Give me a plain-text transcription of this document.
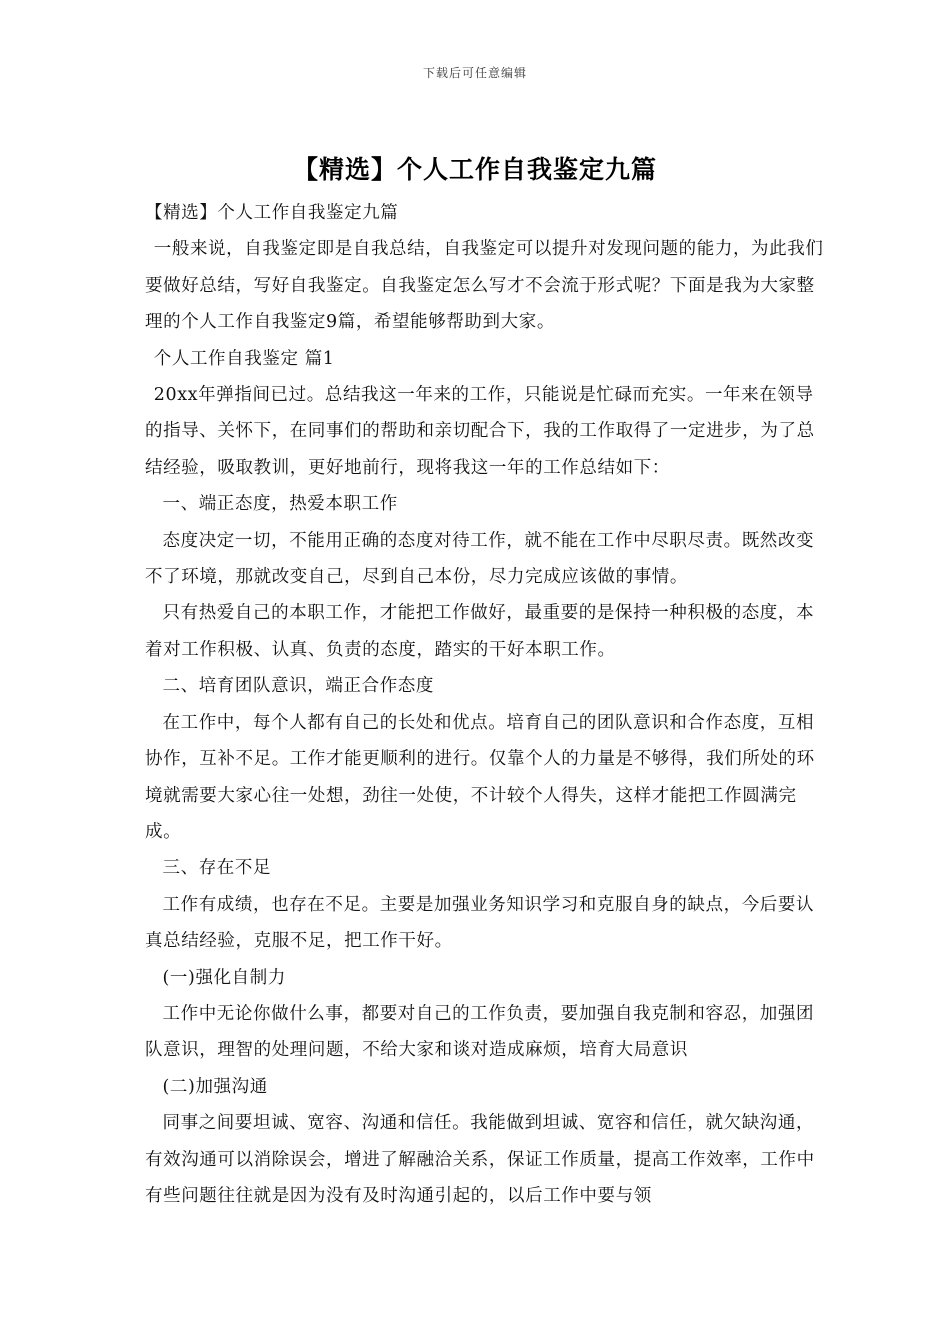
下载后可任意编辑
【精选】个人工作自我鉴定九篇

【精选】个人工作自我鉴定九篇

一般来说，自我鉴定即是自我总结，自我鉴定可以提升对发现问题的能力，为此我们要做好总结，写好自我鉴定。自我鉴定怎么写才不会流于形式呢？下面是我为大家整理的个人工作自我鉴定9篇，希望能够帮助到大家。

个人工作自我鉴定 篇1

20xx年弹指间已过。总结我这一年来的工作，只能说是忙碌而充实。一年来在领导的指导、关怀下，在同事们的帮助和亲切配合下，我的工作取得了一定进步，为了总结经验，吸取教训，更好地前行，现将我这一年的工作总结如下：

一、端正态度，热爱本职工作

态度决定一切，不能用正确的态度对待工作，就不能在工作中尽职尽责。既然改变不了环境，那就改变自己，尽到自己本份，尽力完成应该做的事情。

只有热爱自己的本职工作，才能把工作做好，最重要的是保持一种积极的态度，本着对工作积极、认真、负责的态度，踏实的干好本职工作。

二、培育团队意识，端正合作态度

在工作中，每个人都有自己的长处和优点。培育自己的团队意识和合作态度，互相协作，互补不足。工作才能更顺利的进行。仅靠个人的力量是不够得，我们所处的环境就需要大家心往一处想，劲往一处使，不计较个人得失，这样才能把工作圆满完成。

三、存在不足

工作有成绩，也存在不足。主要是加强业务知识学习和克服自身的缺点，今后要认真总结经验，克服不足，把工作干好。

(一)强化自制力

工作中无论你做什么事，都要对自己的工作负责，要加强自我克制和容忍，加强团队意识，理智的处理问题，不给大家和谈对造成麻烦，培育大局意识

(二)加强沟通

同事之间要坦诚、宽容、沟通和信任。我能做到坦诚、宽容和信任，就欠缺沟通，有效沟通可以消除误会，增进了解融洽关系，保证工作质量，提高工作效率，工作中有些问题往往就是因为没有及时沟通引起的，以后工作中要与领
